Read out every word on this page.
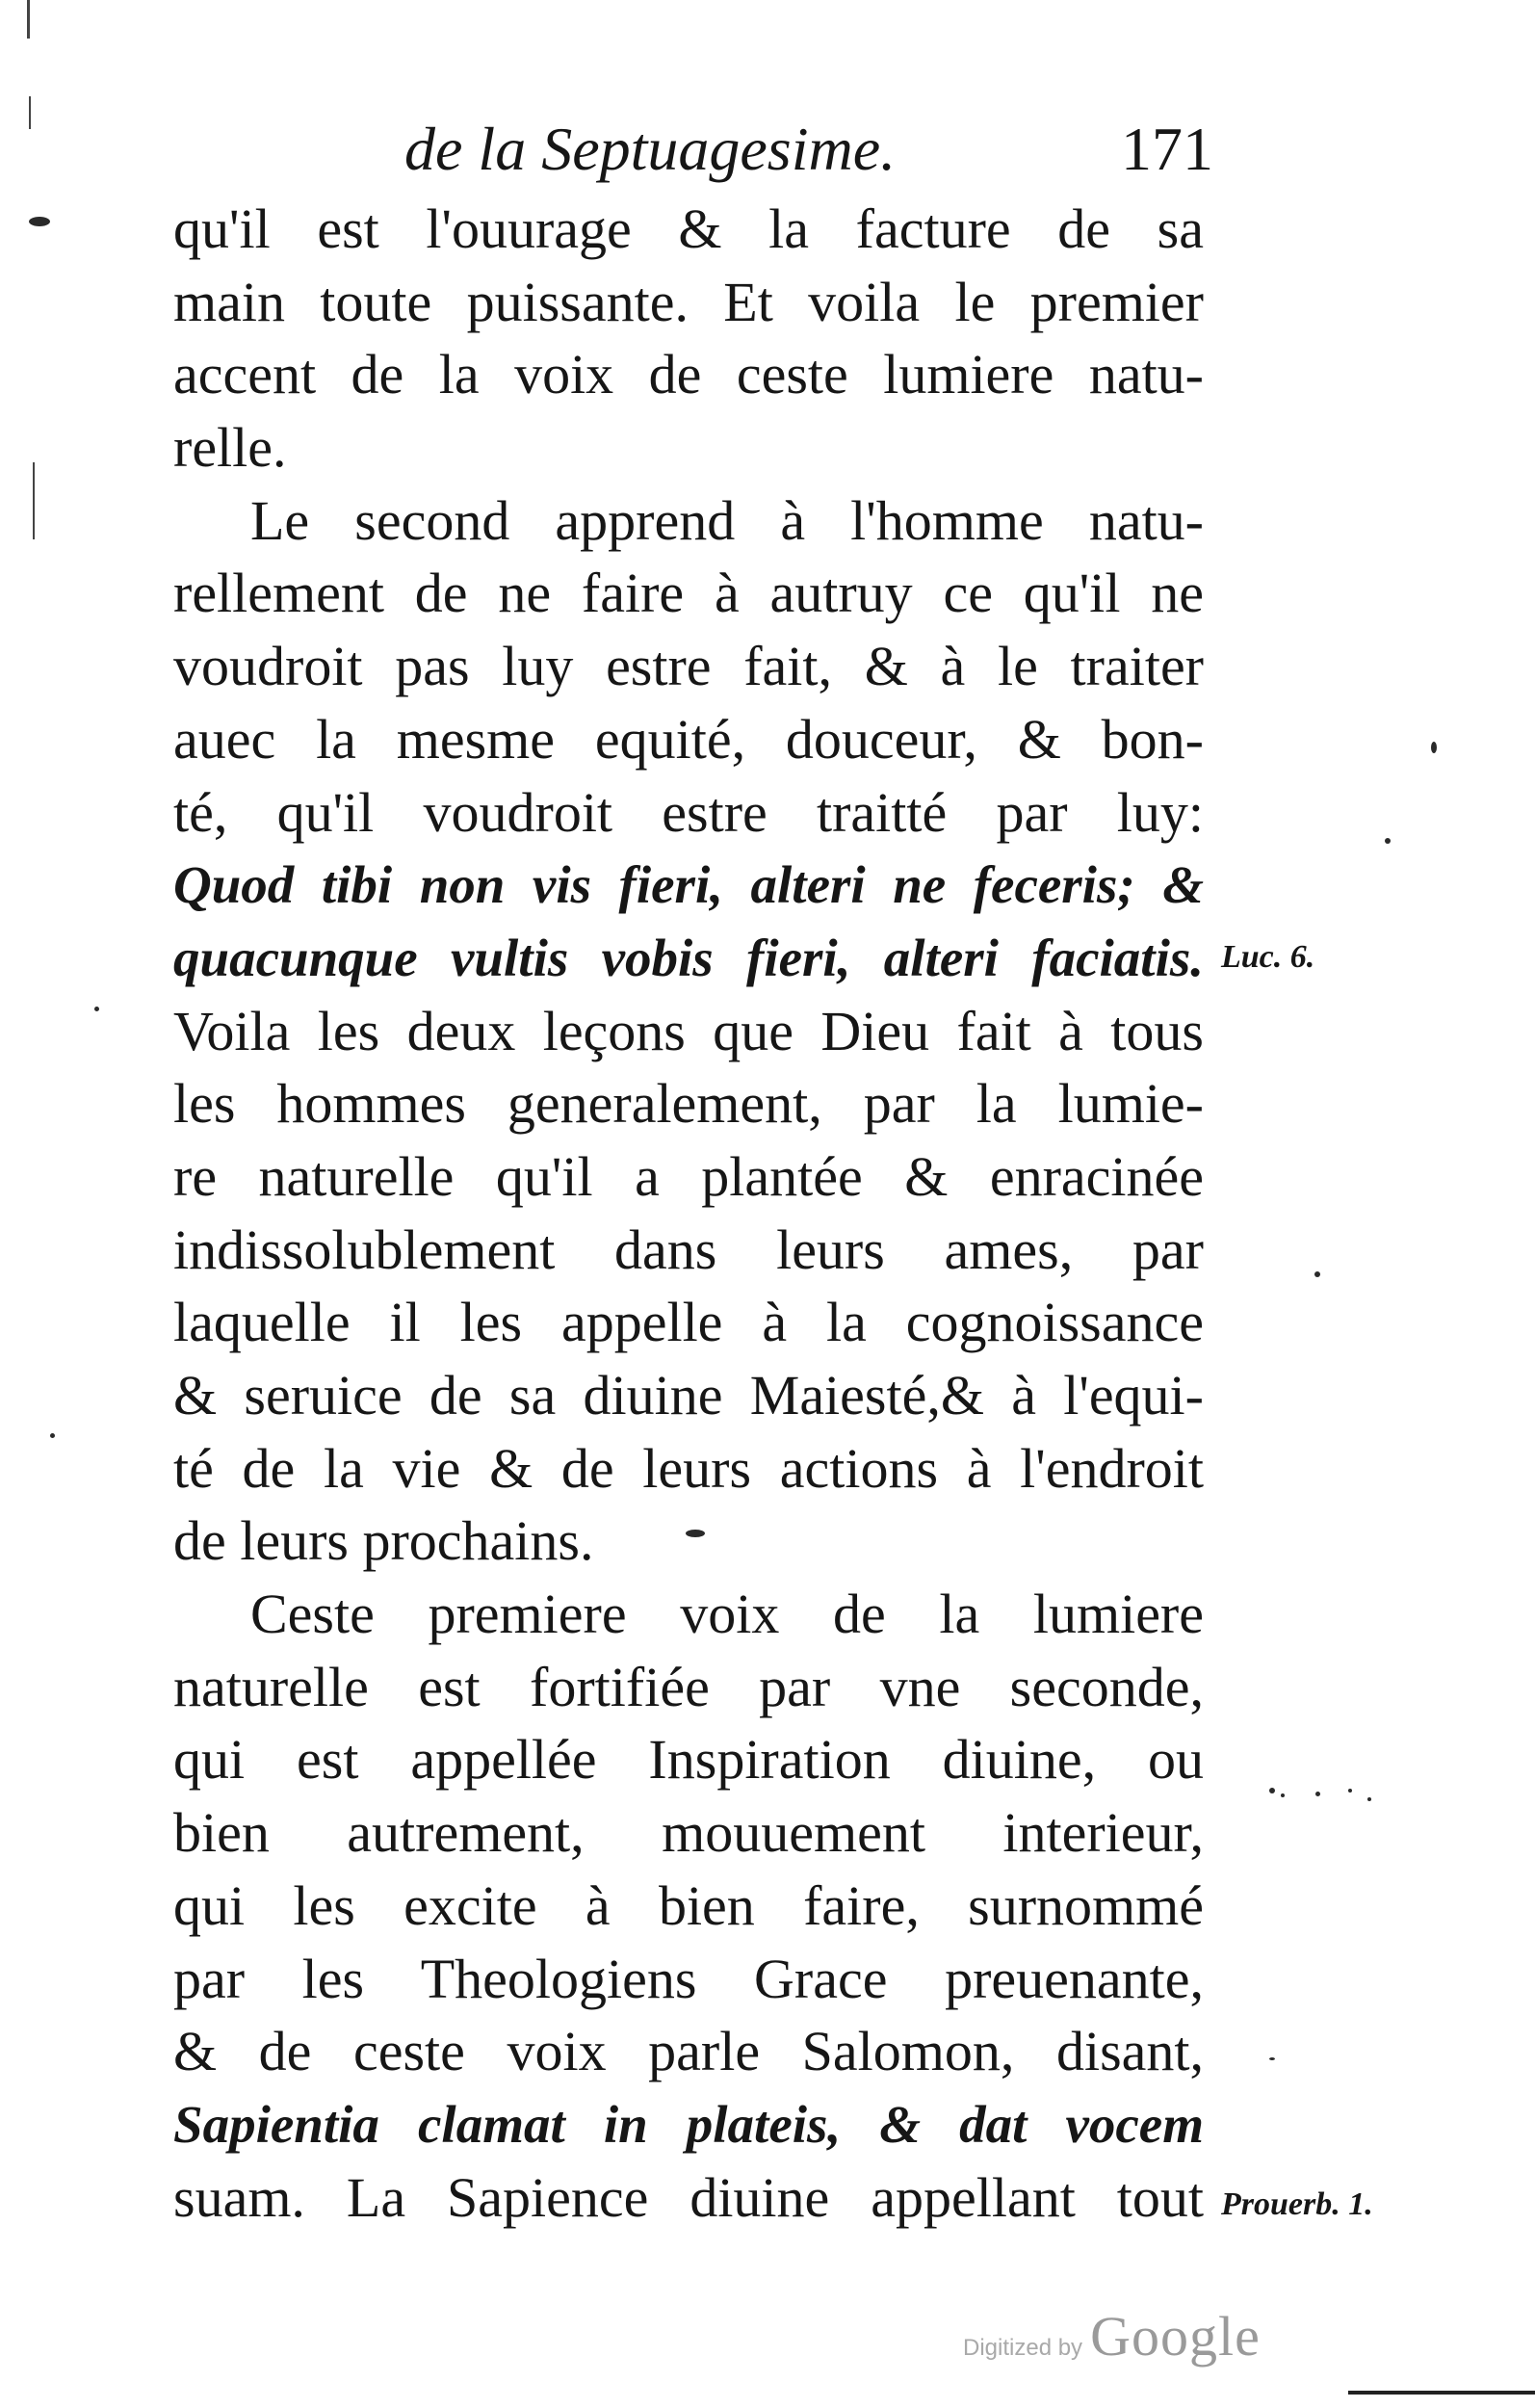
de la Septuagesime.	171
qu'il est l'ouurage & la facture de sa
main toute puissante. Et voila le premier
accent de la voix de ceste lumiere natu-
relle.
Le second apprend à l'homme natu-
rellement de ne faire à autruy ce qu'il ne
voudroit pas luy estre fait, & à le traiter
auec la mesme equité, douceur, & bon-
té, qu'il voudroit estre traitté par luy:
Quod tibi non vis fieri, alteri ne feceris; &
quacunque vultis vobis fieri, alteri faciatis.
Voila les deux leçons que Dieu fait à tous
les hommes generalement, par la lumie-
re naturelle qu'il a plantée & enracinée
indissolublement dans leurs ames, par
laquelle il les appelle à la cognoissance
& seruice de sa diuine Maiesté,& à l'equi-
té de la vie & de leurs actions à l'endroit
de leurs prochains.
Ceste premiere voix de la lumiere
naturelle est fortifiée par vne seconde,
qui est appellée Inspiration diuine, ou
bien autrement, mouuement interieur,
qui les excite à bien faire, surnommé
par les Theologiens Grace preuenante,
& de ceste voix parle Salomon, disant,
Sapientia clamat in plateis, & dat vocem
suam. La Sapience diuine appellant tout
Luc. 6.
Prouerb. 1.
Digitized by Google
